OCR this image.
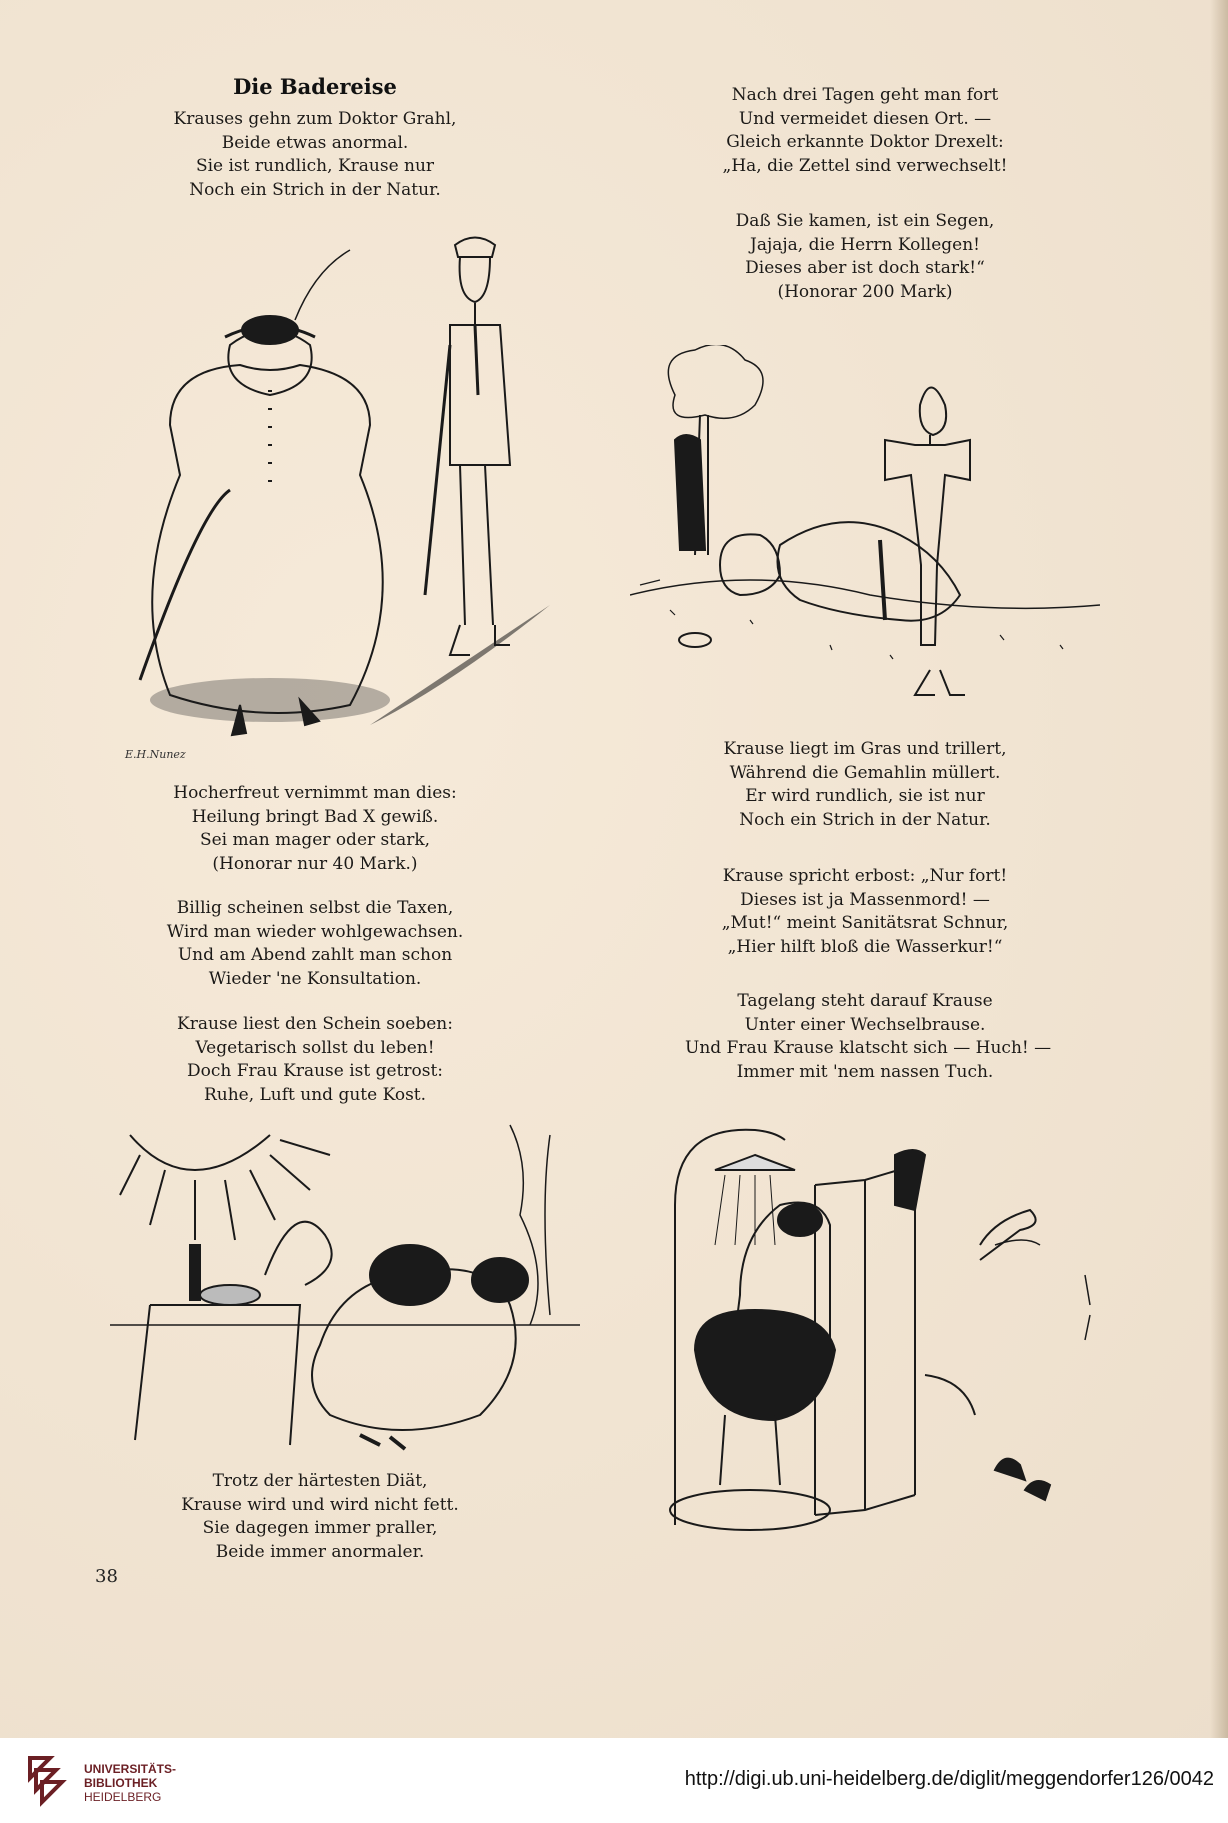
Die Badereise
Krauses gehn zum Doktor Grahl,
Beide etwas anormal.
Sie ist rundlich, Krause nur
Noch ein Strich in der Natur.
E.H.Nunez
Hocherfreut vernimmt man dies:
Heilung bringt Bad X gewiß.
Sei man mager oder stark,
(Honorar nur 40 Mark.)
Billig scheinen selbst die Taxen,
Wird man wieder wohlgewachsen.
Und am Abend zahlt man schon
Wieder 'ne Konsultation.
Krause liest den Schein soeben:
Vegetarisch sollst du leben!
Doch Frau Krause ist getrost:
Ruhe, Luft und gute Kost.
Trotz der härtesten Diät,
Krause wird und wird nicht fett.
Sie dagegen immer praller,
Beide immer anormaler.
38
Nach drei Tagen geht man fort
Und vermeidet diesen Ort. —
Gleich erkannte Doktor Drexelt:
„Ha, die Zettel sind verwechselt!
Daß Sie kamen, ist ein Segen,
Jajaja, die Herrn Kollegen!
Dieses aber ist doch stark!“
(Honorar 200 Mark)
Krause liegt im Gras und trillert,
Während die Gemahlin müllert.
Er wird rundlich, sie ist nur
Noch ein Strich in der Natur.
Krause spricht erbost: „Nur fort!
Dieses ist ja Massenmord! —
„Mut!“ meint Sanitätsrat Schnur,
„Hier hilft bloß die Wasserkur!“
Tagelang steht darauf Krause
Unter einer Wechselbrause.
Und Frau Krause klatscht sich — Huch! —
Immer mit 'nem nassen Tuch.
UNIVERSITÄTS-
BIBLIOTHEK
HEIDELBERG
http://digi.ub.uni-heidelberg.de/diglit/meggendorfer126/0042
